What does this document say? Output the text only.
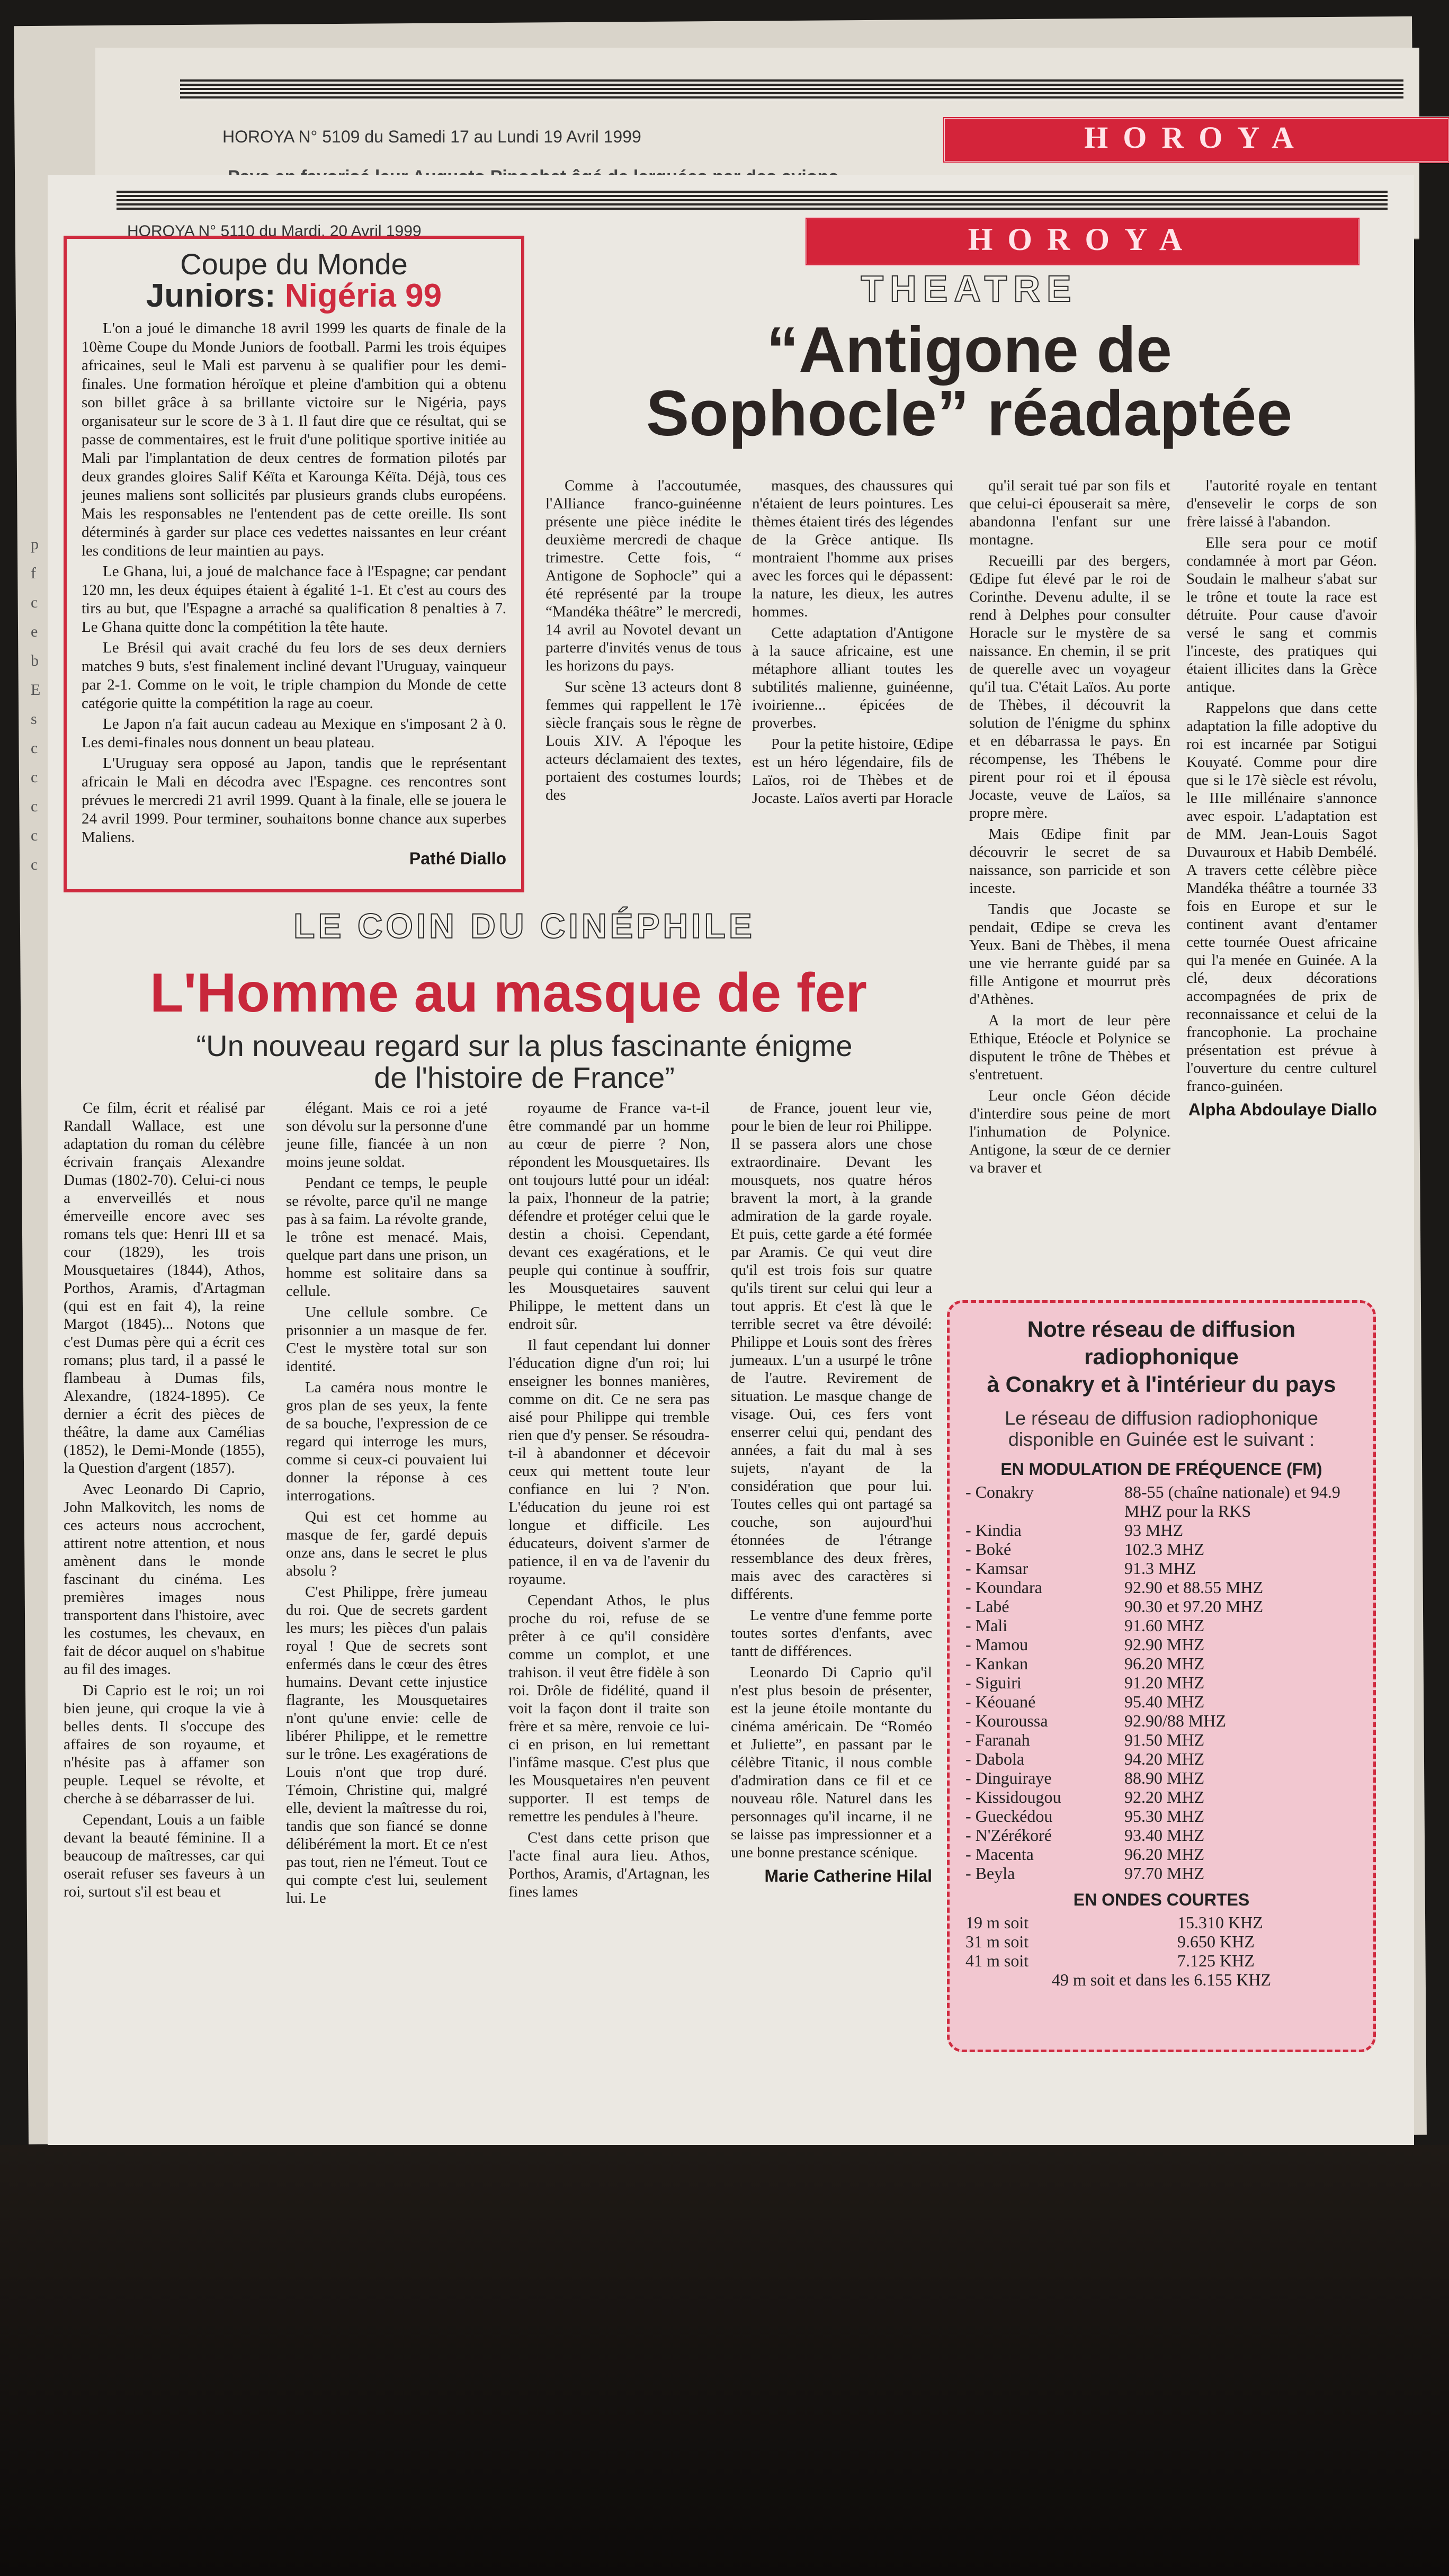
HOROYA N° 5109 du Samedi 17 au Lundi 19 Avril 1999	HOROYA
HOROYA N° 5110 du Mardi, 20 Avril 1999	HOROYA
p f c e b E s c c c c c
Coupe du Monde
Juniors: Nigéria 99

L'on a joué le dimanche 18 avril 1999 les quarts de finale de la 10ème Coupe du Monde Juniors de football. Parmi les trois équipes africaines, seul le Mali est parvenu à se qualifier pour les demi-finales. Une formation héroïque et pleine d'ambition qui a obtenu son billet grâce à sa brillante victoire sur le Nigéria, pays organisateur sur le score de 3 à 1. Il faut dire que ce résultat, qui se passe de commentaires, est le fruit d'une politique sportive initiée au Mali par l'implantation de deux centres de formation pilotés par deux grandes gloires Salif Kéïta et Karounga Kéïta. Déjà, tous ces jeunes maliens sont sollicités par plusieurs grands clubs européens. Mais les responsables ne l'entendent pas de cette oreille. Ils sont déterminés à garder sur place ces vedettes naissantes en leur créant les conditions de leur maintien au pays.

Le Ghana, lui, a joué de malchance face à l'Espagne; car pendant 120 mn, les deux équipes étaient à égalité 1-1. Et c'est au cours des tirs au but, que l'Espagne a arraché sa qualification 8 penalties à 7. Le Ghana quitte donc la compétition la tête haute.

Le Brésil qui avait craché du feu lors de ses deux derniers matches 9 buts, s'est finalement incliné devant l'Uruguay, vainqueur par 2-1. Comme on le voit, le triple champion du Monde de cette catégorie quitte la compétition la rage au coeur.

Le Japon n'a fait aucun cadeau au Mexique en s'imposant 2 à 0. Les demi-finales nous donnent un beau plateau.

L'Uruguay sera opposé au Japon, tandis que le représentant africain le Mali en décodra avec l'Espagne. ces rencontres sont prévues le mercredi 21 avril 1999. Quant à la finale, elle se jouera le 24 avril 1999. Pour terminer, souhaitons bonne chance aux superbes Maliens.

Pathé Diallo
THEATRE
“Antigone de
Sophocle” réadaptée

Comme à l'accoutumée, l'Alliance franco-guinéenne présente une pièce inédite le deuxième mercredi de chaque trimestre. Cette fois, “ Antigone de Sophocle” qui a été représenté par la troupe “Mandéka théâtre” le mercredi, 14 avril au Novotel devant un parterre d'invités venus de tous les horizons du pays.

Sur scène 13 acteurs dont 8 femmes qui rappellent le 17è siècle français sous le règne de Louis XIV. A l'époque les acteurs déclamaient des textes, portaient des costumes lourds; des

masques, des chaussures qui n'étaient de leurs pointures. Les thèmes étaient tirés des légendes de la Grèce antique. Ils montraient l'homme aux prises avec les forces qui le dépassent: la nature, les dieux, les autres hommes.

Cette adaptation d'Antigone à la sauce africaine, est une métaphore alliant toutes les subtilités malienne, guinéenne, ivoirienne... épicées de proverbes.

Pour la petite histoire, Œdipe est un héro légendaire, fils de Laïos, roi de Thèbes et de Jocaste. Laïos averti par Horacle

qu'il serait tué par son fils et que celui-ci épouserait sa mère, abandonna l'enfant sur une montagne.

Recueilli par des bergers, Œdipe fut élevé par le roi de Corinthe. Devenu adulte, il se rend à Delphes pour consulter Horacle sur le mystère de sa naissance. En chemin, il se prit de querelle avec un voyageur qu'il tua. C'était Laïos. Au porte de Thèbes, il découvrit la solution de l'énigme du sphinx et en débarrassa le pays. En récompense, les Thébens le pirent pour roi et il épousa Jocaste, veuve de Laïos, sa propre mère.

Mais Œdipe finit par découvrir le secret de sa naissance, son parricide et son inceste.

Tandis que Jocaste se pendait, Œdipe se creva les Yeux. Bani de Thèbes, il mena une vie herrante guidé par sa fille Antigone et mourrut près d'Athènes.

A la mort de leur père Ethique, Etéocle et Polynice se disputent le trône de Thèbes et s'entretuent.

Leur oncle Géon décide d'interdire sous peine de mort l'inhumation de Polynice. Antigone, la sœur de ce dernier va braver et

l'autorité royale en tentant d'ensevelir le corps de son frère laissé à l'abandon.

Elle sera pour ce motif condamnée à mort par Géon. Soudain le malheur s'abat sur le trône et toute la race est détruite. Pour cause d'avoir versé le sang et commis l'inceste, des pratiques qui étaient illicites dans la Grèce antique.

Rappelons que dans cette adaptation la fille adoptive du roi est incarnée par Sotigui Kouyaté. Comme pour dire que si le 17è siècle est révolu, le IIIe millénaire s'annonce avec espoir. L'adaptation est de MM. Jean-Louis Sagot Duvauroux et Habib Dembélé. A travers cette célèbre pièce Mandéka théâtre a tournée 33 fois en Europe et sur le continent avant d'entamer cette tournée Ouest africaine qui l'a menée en Guinée. A la clé, deux décorations accompagnées de prix de reconnaissance et celui de la francophonie. La prochaine présentation est prévue à l'ouverture du centre culturel franco-guinéen.

Alpha Abdoulaye Diallo
LE COIN DU CINÉPHILE
L'Homme au masque de fer
“Un nouveau regard sur la plus fascinante énigme
de l'histoire de France”

Ce film, écrit et réalisé par Randall Wallace, est une adaptation du roman du célèbre écrivain français Alexandre Dumas (1802-70). Celui-ci nous a enverveillés et nous émerveille encore avec ses romans tels que: Henri III et sa cour (1829), les trois Mousquetaires (1844), Athos, Porthos, Aramis, d'Artagman (qui est en fait 4), la reine Margot (1845)... Notons que c'est Dumas père qui a écrit ces romans; plus tard, il a passé le flambeau à Dumas fils, Alexandre, (1824-1895). Ce dernier a écrit des pièces de théâtre, la dame aux Camélias (1852), le Demi-Monde (1855), la Question d'argent (1857).

Avec Leonardo Di Caprio, John Malkovitch, les noms de ces acteurs nous accrochent, attirent notre attention, et nous amènent dans le monde fascinant du cinéma. Les premières images nous transportent dans l'histoire, avec les costumes, les chevaux, en fait de décor auquel on s'habitue au fil des images.

Di Caprio est le roi; un roi bien jeune, qui croque la vie à belles dents. Il s'occupe des affaires de son royaume, et n'hésite pas à affamer son peuple. Lequel se révolte, et cherche à se débarrasser de lui.

Cependant, Louis a un faible devant la beauté féminine. Il a beaucoup de maîtresses, car qui oserait refuser ses faveurs à un roi, surtout s'il est beau et

élégant. Mais ce roi a jeté son dévolu sur la personne d'une jeune fille, fiancée à un non moins jeune soldat.

Pendant ce temps, le peuple se révolte, parce qu'il ne mange pas à sa faim. La révolte grande, le trône est menacé. Mais, quelque part dans une prison, un homme est solitaire dans sa cellule.

Une cellule sombre. Ce prisonnier a un masque de fer. C'est le mystère total sur son identité.

La caméra nous montre le gros plan de ses yeux, la fente de sa bouche, l'expression de ce regard qui interroge les murs, comme si ceux-ci pouvaient lui donner la réponse à ces interrogations.

Qui est cet homme au masque de fer, gardé depuis onze ans, dans le secret le plus absolu ?

C'est Philippe, frère jumeau du roi. Que de secrets gardent les murs; les pièces d'un palais royal ! Que de secrets sont enfermés dans le cœur des êtres humains. Devant cette injustice flagrante, les Mousquetaires n'ont qu'une envie: celle de libérer Philippe, et le remettre sur le trône. Les exagérations de Louis n'ont que trop duré. Témoin, Christine qui, malgré elle, devient la maîtresse du roi, tandis que son fiancé se donne délibérément la mort. Et ce n'est pas tout, rien ne l'émeut. Tout ce qui compte c'est lui, seulement lui. Le

royaume de France va-t-il être commandé par un homme au cœur de pierre ? Non, répondent les Mousquetaires. Ils ont toujours lutté pour un idéal: la paix, l'honneur de la patrie; défendre et protéger celui que le destin a choisi. Cependant, devant ces exagérations, et le peuple qui continue à souffrir, les Mousquetaires sauvent Philippe, le mettent dans un endroit sûr.

Il faut cependant lui donner l'éducation digne d'un roi; lui enseigner les bonnes manières, comme on dit. Ce ne sera pas aisé pour Philippe qui tremble rien que d'y penser. Se résoudra-t-il à abandonner et décevoir ceux qui mettent toute leur confiance en lui ? N'on. L'éducation du jeune roi est longue et difficile. Les éducateurs, doivent s'armer de patience, il en va de l'avenir du royaume.

Cependant Athos, le plus proche du roi, refuse de se prêter à ce qu'il considère comme un complot, et une trahison. il veut être fidèle à son roi. Drôle de fidélité, quand il voit la façon dont il traite son frère et sa mère, renvoie ce lui-ci en prison, en lui remettant l'infâme masque. C'est plus que les Mousquetaires n'en peuvent supporter. Il est temps de remettre les pendules à l'heure.

C'est dans cette prison que l'acte final aura lieu. Athos, Porthos, Aramis, d'Artagnan, les fines lames

de France, jouent leur vie, pour le bien de leur roi Philippe. Il se passera alors une chose extraordinaire. Devant les mousquets, nos quatre héros bravent la mort, à la grande admiration de la garde royale. Et puis, cette garde a été formée par Aramis. Ce qui veut dire qu'il est trois fois sur quatre qu'ils tirent sur celui qui leur a tout appris. Et c'est là que le terrible secret va être dévoilé: Philippe et Louis sont des frères jumeaux. L'un a usurpé le trône de l'autre. Revirement de situation. Le masque change de visage. Oui, ces fers vont enserrer celui qui, pendant des années, a fait du mal à ses sujets, n'ayant de la considération que pour lui. Toutes celles qui ont partagé sa couche, son aujourd'hui étonnées de l'étrange ressemblance des deux frères, mais avec des caractères si différents.

Le ventre d'une femme porte toutes sortes d'enfants, avec tantt de différences.

Leonardo Di Caprio qu'il n'est plus besoin de présenter, est la jeune étoile montante du cinéma américain. De “Roméo et Juliette”, en passant par le célèbre Titanic, il nous comble d'admiration dans ce fil et ce nouveau rôle. Naturel dans les personnages qu'il incarne, il ne se laisse pas impressionner et a une bonne prestance scénique.

Marie Catherine Hilal
Notre réseau de diffusion
radiophonique
à Conakry et à l'intérieur du pays
Le réseau de diffusion radiophonique disponible en Guinée est le suivant :
EN MODULATION DE FRÉQUENCE (FM)
- Conakry	88-55 (chaîne nationale) et 94.9 MHZ pour la RKS
- Kindia	93 MHZ
- Boké	102.3 MHZ
- Kamsar	91.3 MHZ
- Koundara	92.90 et 88.55 MHZ
- Labé	90.30 et 97.20 MHZ
- Mali	91.60 MHZ
- Mamou	92.90 MHZ
- Kankan	96.20 MHZ
- Siguiri	91.20 MHZ
- Kéouané	95.40 MHZ
- Kouroussa	92.90/88 MHZ
- Faranah	91.50 MHZ
- Dabola	94.20 MHZ
- Dinguiraye	88.90 MHZ
- Kissidougou	92.20 MHZ
- Gueckédou	95.30 MHZ
- N'Zérékoré	93.40 MHZ
- Macenta	96.20 MHZ
- Beyla	97.70 MHZ
EN ONDES COURTES
19 m soit	15.310 KHZ
31 m soit	9.650 KHZ
41 m soit	7.125 KHZ
49 m soit et dans les 6.155 KHZ
